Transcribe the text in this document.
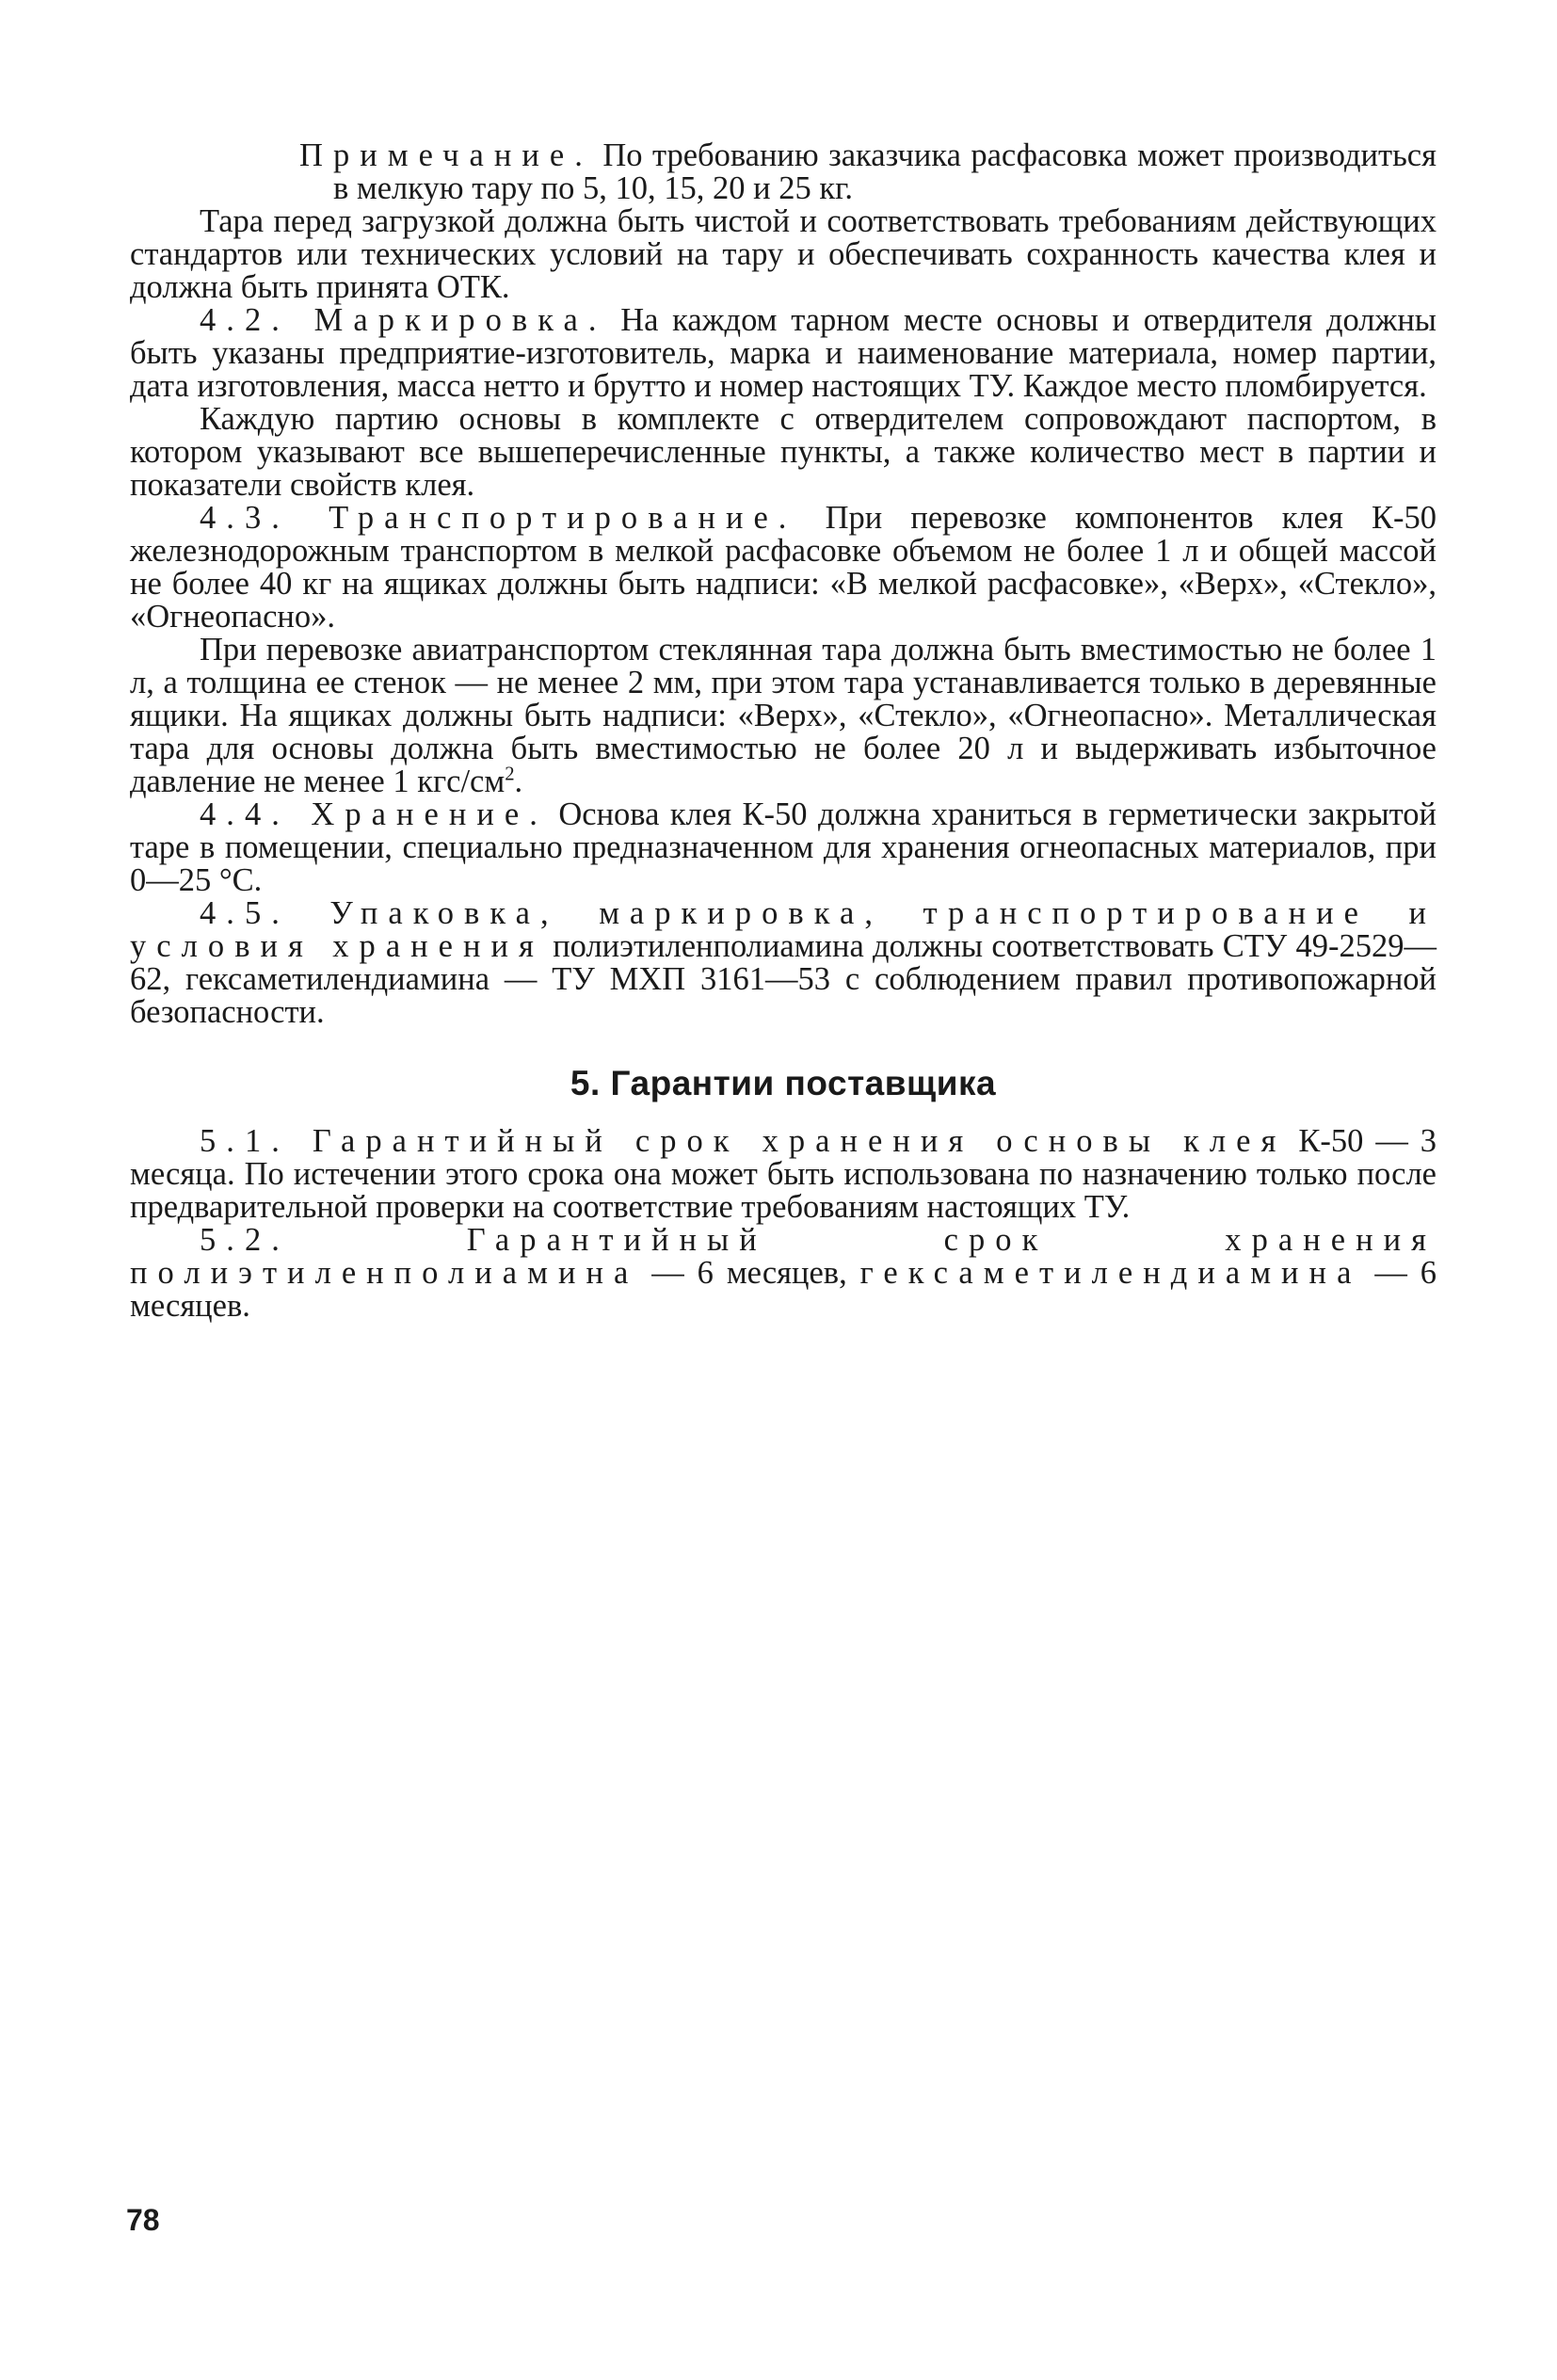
Примечание. По требованию заказчика расфасовка может производиться в мелкую тару по 5, 10, 15, 20 и 25 кг.

Тара перед загрузкой должна быть чистой и соответствовать требованиям действующих стандартов или технических условий на тару и обеспечивать сохранность качества клея и должна быть принята ОТК.

4.2. Маркировка. На каждом тарном месте основы и отвердителя должны быть указаны предприятие-изготовитель, марка и наименование материала, номер партии, дата изготовления, масса нетто и брутто и номер настоящих ТУ. Каждое место пломбируется.

Каждую партию основы в комплекте с отвердителем сопровождают паспортом, в котором указывают все вышеперечисленные пункты, а также количество мест в партии и показатели свойств клея.

4.3. Транспортирование. При перевозке компонентов клея К-50 железнодорожным транспортом в мелкой расфасовке объемом не более 1 л и общей массой не более 40 кг на ящиках должны быть надписи: «В мелкой расфасовке», «Верх», «Стекло», «Огнеопасно».

При перевозке авиатранспортом стеклянная тара должна быть вместимостью не более 1 л, а толщина ее стенок — не менее 2 мм, при этом тара устанавливается только в деревянные ящики. На ящиках должны быть надписи: «Верх», «Стекло», «Огнеопасно». Металлическая тара для основы должна быть вместимостью не более 20 л и выдерживать избыточное давление не менее 1 кгс/$см^2$.

4.4. Хранение. Основа клея К-50 должна храниться в герметически закрытой таре в помещении, специально предназначенном для хранения огнеопасных материалов, при 0—25 °С.

4.5. Упаковка, маркировка, транспортирование и условия хранения полиэтиленполиамина должны соответствовать СТУ 49-2529—62, гексаметилендиамина — ТУ МХП 3161—53 с соблюдением правил противопожарной безопасности.

5. Гарантии поставщика

5.1. Гарантийный срок хранения основы клея К-50 — 3 месяца. По истечении этого срока она может быть использована по назначению только после предварительной проверки на соответствие требованиям настоящих ТУ.

5.2. Гарантийный срок хранения полиэтиленполиамина — 6 месяцев, гексаметилендиамина — 6 месяцев.

78
